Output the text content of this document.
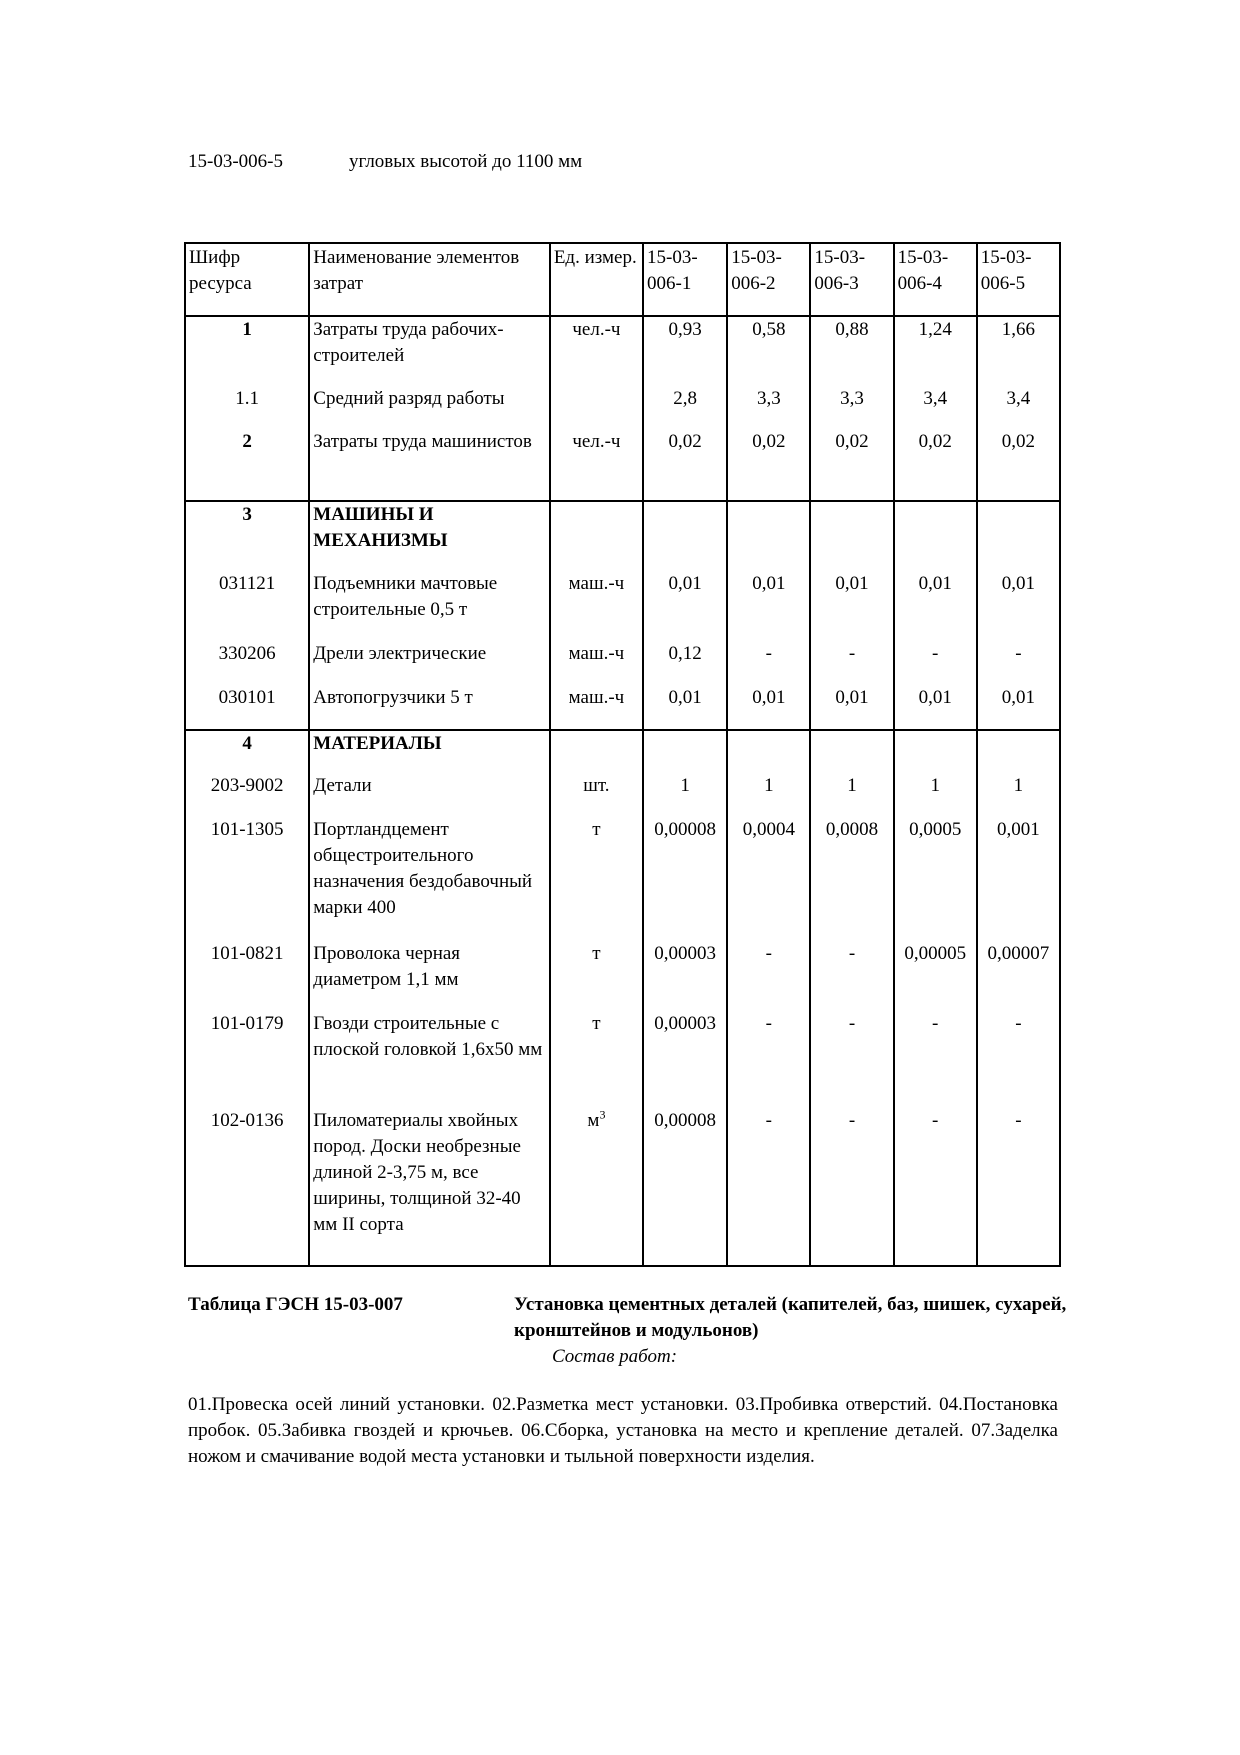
15-03-006-5	угловых высотой до 1100 мм
Шифр ресурса	Наименование элементов затрат	Ед. измер.	15-03-006-1	15-03-006-2	15-03-006-3	15-03-006-4	15-03-006-5
1	Затраты труда рабочих-строителей	чел.-ч	0,93	0,58	0,88	1,24	1,66
1.1	Средний разряд работы		2,8	3,3	3,3	3,4	3,4
2	Затраты труда машинистов	чел.-ч	0,02	0,02	0,02	0,02	0,02
3	МАШИНЫ И МЕХАНИЗМЫ						
031121	Подъемники мачтовые строительные 0,5 т	маш.-ч	0,01	0,01	0,01	0,01	0,01
330206	Дрели электрические	маш.-ч	0,12	-	-	-	-
030101	Автопогрузчики 5 т	маш.-ч	0,01	0,01	0,01	0,01	0,01
4	МАТЕРИАЛЫ						
203-9002	Детали	шт.	1	1	1	1	1
101-1305	Портландцемент общестроительного назначения бездобавочный марки 400	т	0,00008	0,0004	0,0008	0,0005	0,001
101-0821	Проволока черная диаметром 1,1 мм	т	0,00003	-	-	0,00005	0,00007
101-0179	Гвозди строительные с плоской головкой 1,6х50 мм	т	0,00003	-	-	-	-
102-0136	Пиломатериалы хвойных пород. Доски необрезные длиной 2-3,75 м, все ширины, толщиной 32-40 мм II сорта	$м^3$	0,00008	-	-	-	-
Таблица ГЭСН 15-03-007	Установка цементных деталей (капителей, баз, шишек, сухарей, кронштейнов и модульонов)
Состав работ:
01.Провеска осей линий установки. 02.Разметка мест установки. 03.Пробивка отверстий. 04.Постановка пробок. 05.Забивка гвоздей и крючьев. 06.Сборка, установка на место и крепление деталей. 07.Заделка ножом и смачивание водой места установки и тыльной поверхности изделия.
